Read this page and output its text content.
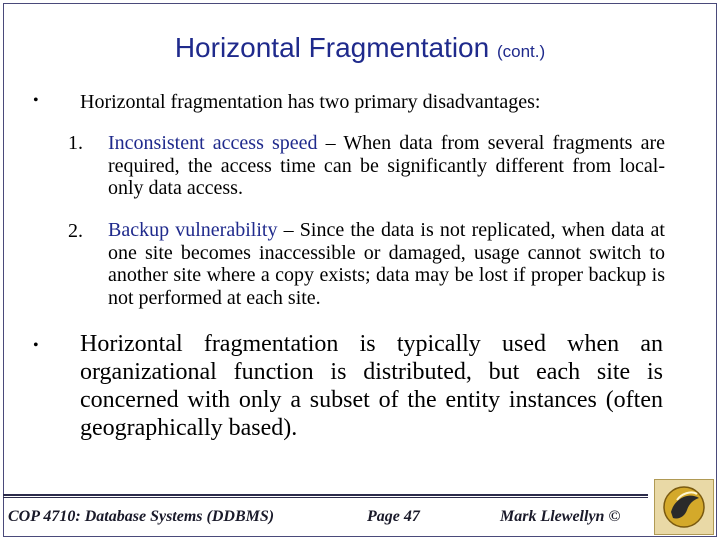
Horizontal Fragmentation (cont.)
• Horizontal fragmentation has two primary disadvantages:
1. Inconsistent access speed – When data from several fragments are required, the access time can be significantly different from local-only data access.
2. Backup vulnerability – Since the data is not replicated, when data at one site becomes inaccessible or damaged, usage cannot switch to another site where a copy exists; data may be lost if proper backup is not performed at each site.
• Horizontal fragmentation is typically used when an organizational function is distributed, but each site is concerned with only a subset of the entity instances (often geographically based).
COP 4710: Database Systems (DDBMS)	Page 47	Mark Llewellyn ©
